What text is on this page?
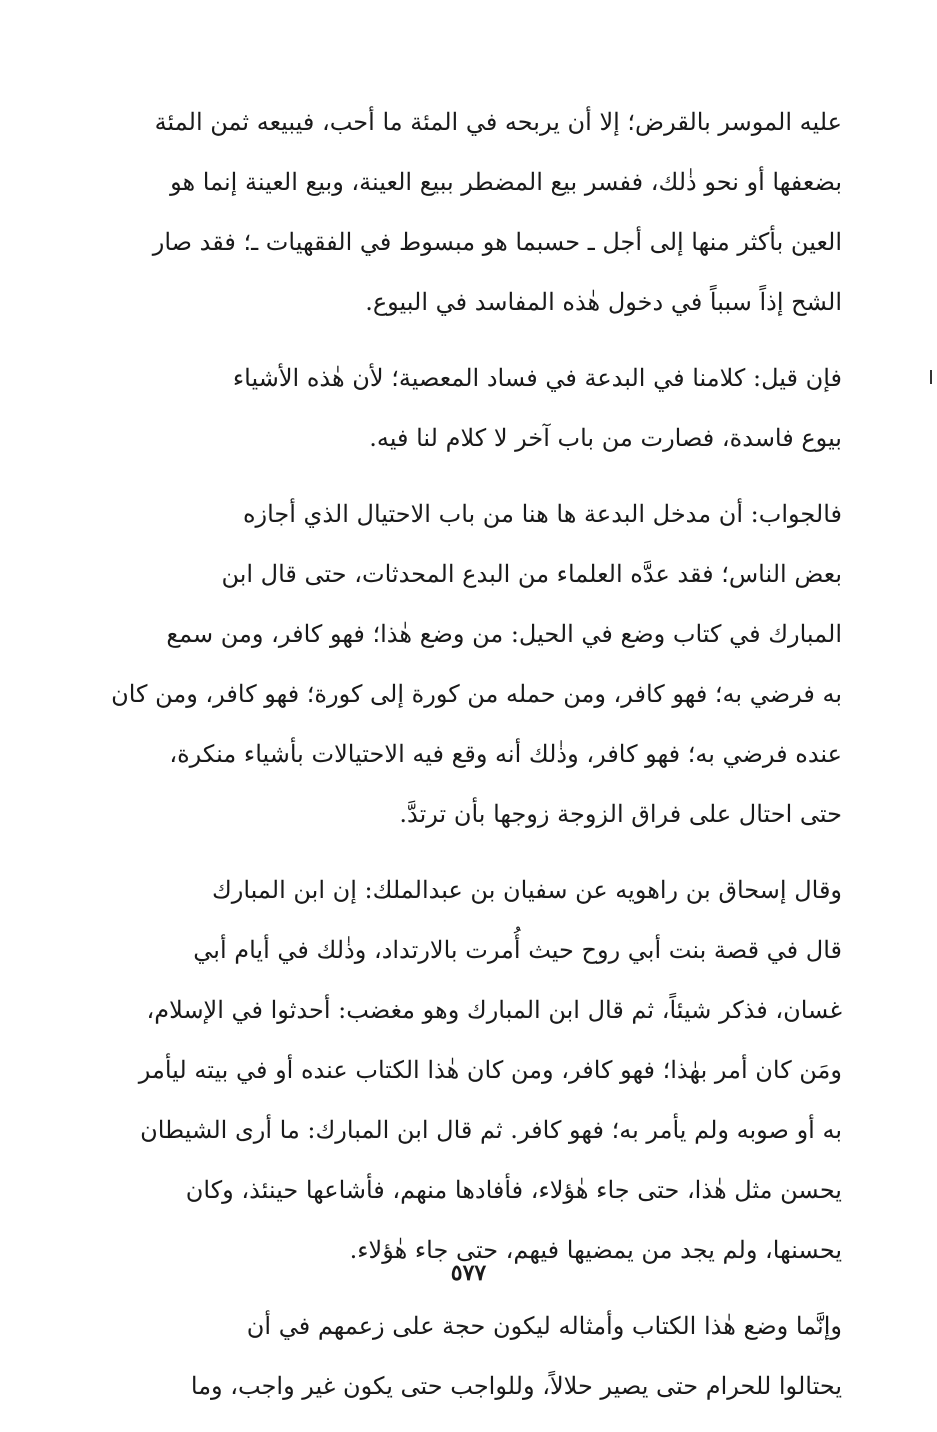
عليه الموسر بالقرض؛ إلا أن يربحه في المئة ما أحب، فيبيعه ثمن المئة
بضعفها أو نحو ذٰلك، ففسر بيع المضطر ببيع العينة، وبيع العينة إنما هو
العين بأكثر منها إلى أجل ـ حسبما هو مبسوط في الفقهيات ـ؛ فقد صار
الشح إذاً سبباً في دخول هٰذه المفاسد في البيوع.

فإن قيل: كلامنا في البدعة في فساد المعصية؛ لأن هٰذه الأشياء
بيوع فاسدة، فصارت من باب آخر لا كلام لنا فيه.

فالجواب: أن مدخل البدعة ها هنا من باب الاحتيال الذي أجازه
بعض الناس؛ فقد عدَّه العلماء من البدع المحدثات، حتى قال ابن
المبارك في كتاب وضع في الحيل: من وضع هٰذا؛ فهو كافر، ومن سمع
به فرضي به؛ فهو كافر، ومن حمله من كورة إلى كورة؛ فهو كافر، ومن كان
عنده فرضي به؛ فهو كافر، وذٰلك أنه وقع فيه الاحتيالات بأشياء منكرة،
حتى احتال على فراق الزوجة زوجها بأن ترتدَّ.

وقال إسحاق بن راهويه عن سفيان بن عبدالملك: إن ابن المبارك
قال في قصة بنت أبي روح حيث أُمرت بالارتداد، وذٰلك في أيام أبي
غسان، فذكر شيئاً، ثم قال ابن المبارك وهو مغضب: أحدثوا في الإسلام،
ومَن كان أمر بهٰذا؛ فهو كافر، ومن كان هٰذا الكتاب عنده أو في بيته ليأمر
به أو صوبه ولم يأمر به؛ فهو كافر. ثم قال ابن المبارك: ما أرى الشيطان
يحسن مثل هٰذا، حتى جاء هٰؤلاء، فأفادها منهم، فأشاعها حينئذ، وكان
يحسنها، ولم يجد من يمضيها فيهم، حتى جاء هٰؤلاء.

وإنَّما وضع هٰذا الكتاب وأمثاله ليكون حجة على زعمهم في أن
يحتالوا للحرام حتى يصير حلالاً، وللواجب حتى يكون غير واجب، وما

٥٧٧
